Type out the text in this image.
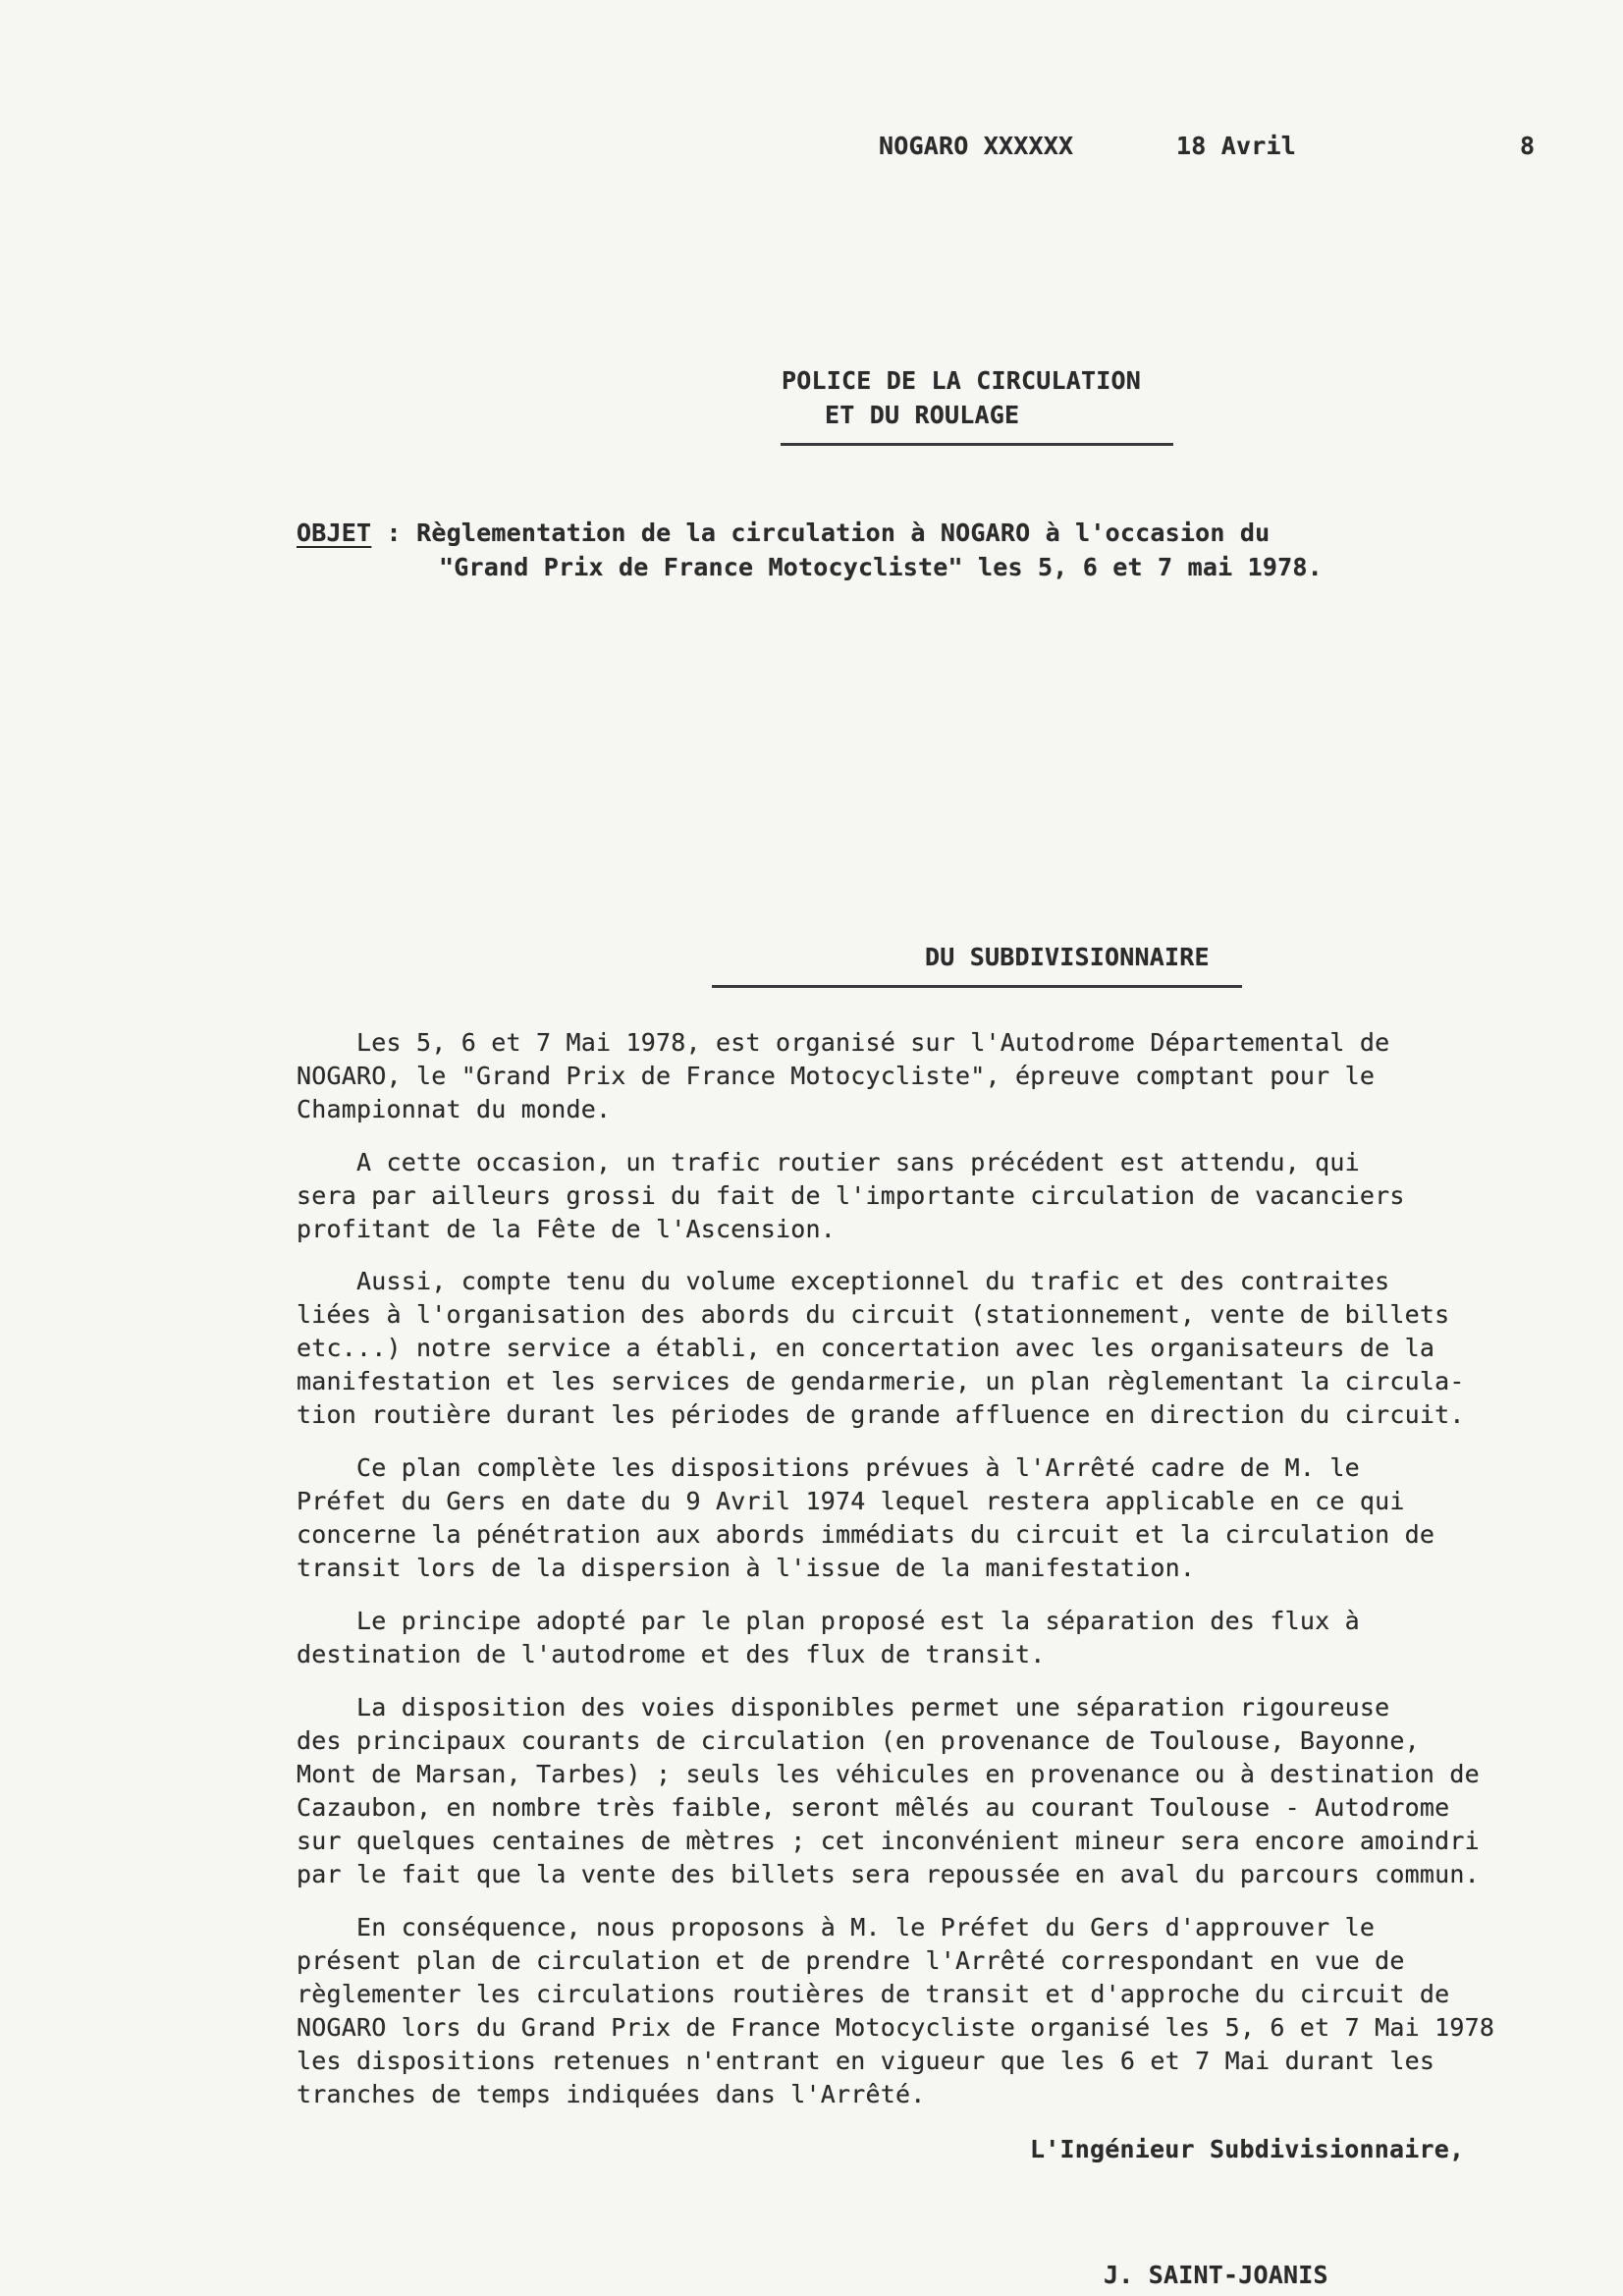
NOGARO XXXXXX	18 Avril	8
POLICE DE LA CIRCULATION
ET DU ROULAGE
OBJET : Règlementation de la circulation à NOGARO à l'occasion du
"Grand Prix de France Motocycliste" les 5, 6 et 7 mai 1978.
DU SUBDIVISIONNAIRE
Les 5, 6 et 7 Mai 1978, est organisé sur l'Autodrome Départemental de
NOGARO, le "Grand Prix de France Motocycliste", épreuve comptant pour le
Championnat du monde.
A cette occasion, un trafic routier sans précédent est attendu, qui
sera par ailleurs grossi du fait de l'importante circulation de vacanciers
profitant de la Fête de l'Ascension.
Aussi, compte tenu du volume exceptionnel du trafic et des contraites
liées à l'organisation des abords du circuit (stationnement, vente de billets
etc...) notre service a établi, en concertation avec les organisateurs de la
manifestation et les services de gendarmerie, un plan règlementant la circula-
tion routière durant les périodes de grande affluence en direction du circuit.
Ce plan complète les dispositions prévues à l'Arrêté cadre de M. le
Préfet du Gers en date du 9 Avril 1974 lequel restera applicable en ce qui
concerne la pénétration aux abords immédiats du circuit et la circulation de
transit lors de la dispersion à l'issue de la manifestation.
Le principe adopté par le plan proposé est la séparation des flux à
destination de l'autodrome et des flux de transit.
La disposition des voies disponibles permet une séparation rigoureuse
des principaux courants de circulation (en provenance de Toulouse, Bayonne,
Mont de Marsan, Tarbes) ; seuls les véhicules en provenance ou à destination de
Cazaubon, en nombre très faible, seront mêlés au courant Toulouse - Autodrome
sur quelques centaines de mètres ; cet inconvénient mineur sera encore amoindri
par le fait que la vente des billets sera repoussée en aval du parcours commun.
En conséquence, nous proposons à M. le Préfet du Gers d'approuver le
présent plan de circulation et de prendre l'Arrêté correspondant en vue de
règlementer les circulations routières de transit et d'approche du circuit de
NOGARO lors du Grand Prix de France Motocycliste organisé les 5, 6 et 7 Mai 1978
les dispositions retenues n'entrant en vigueur que les 6 et 7 Mai durant les
tranches de temps indiquées dans l'Arrêté.
L'Ingénieur Subdivisionnaire,
J. SAINT-JOANIS
